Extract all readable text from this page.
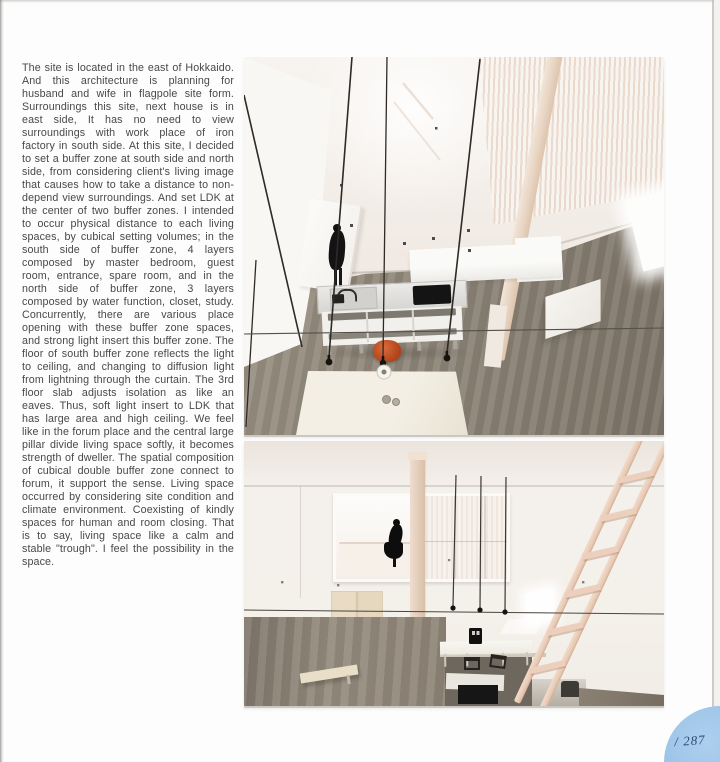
The site is located in the east of Hokkaido. And this architecture is planning for husband and wife in flagpole site form. Surroundings this site, next house is in east side, It has no need to view surroundings with work place of iron factory in south side. At this site, I decided to set a buffer zone at south side and north side, from considering client's living image that causes how to take a distance to non-depend view surroundings. And set LDK at the center of two buffer zones. I intended to occur physical distance to each living spaces, by cubical setting volumes; in the south side of buffer zone, 4 layers composed by master bedroom, guest room, entrance, spare room, and in the north side of buffer zone, 3 layers composed by water function, closet, study. Concurrently, there are various place opening with these buffer zone spaces, and strong light insert this buffer zone. The floor of south buffer zone reflects the light to ceiling, and changing to diffusion light from lightning through the curtain. The 3rd floor slab adjusts isolation as like an eaves. Thus, soft light insert to LDK that has large area and high ceiling. We feel like in the forum place and the central large pillar divide living space softly, it becomes strength of dweller. The spatial composition of cubical double buffer zone connect to forum, it support the sense. Living space occurred by considering site condition and climate environment. Coexisting of kindly spaces for human and room closing. That is to say, living space like a calm and stable "trough". I feel the possibility in the space.
/ 287
